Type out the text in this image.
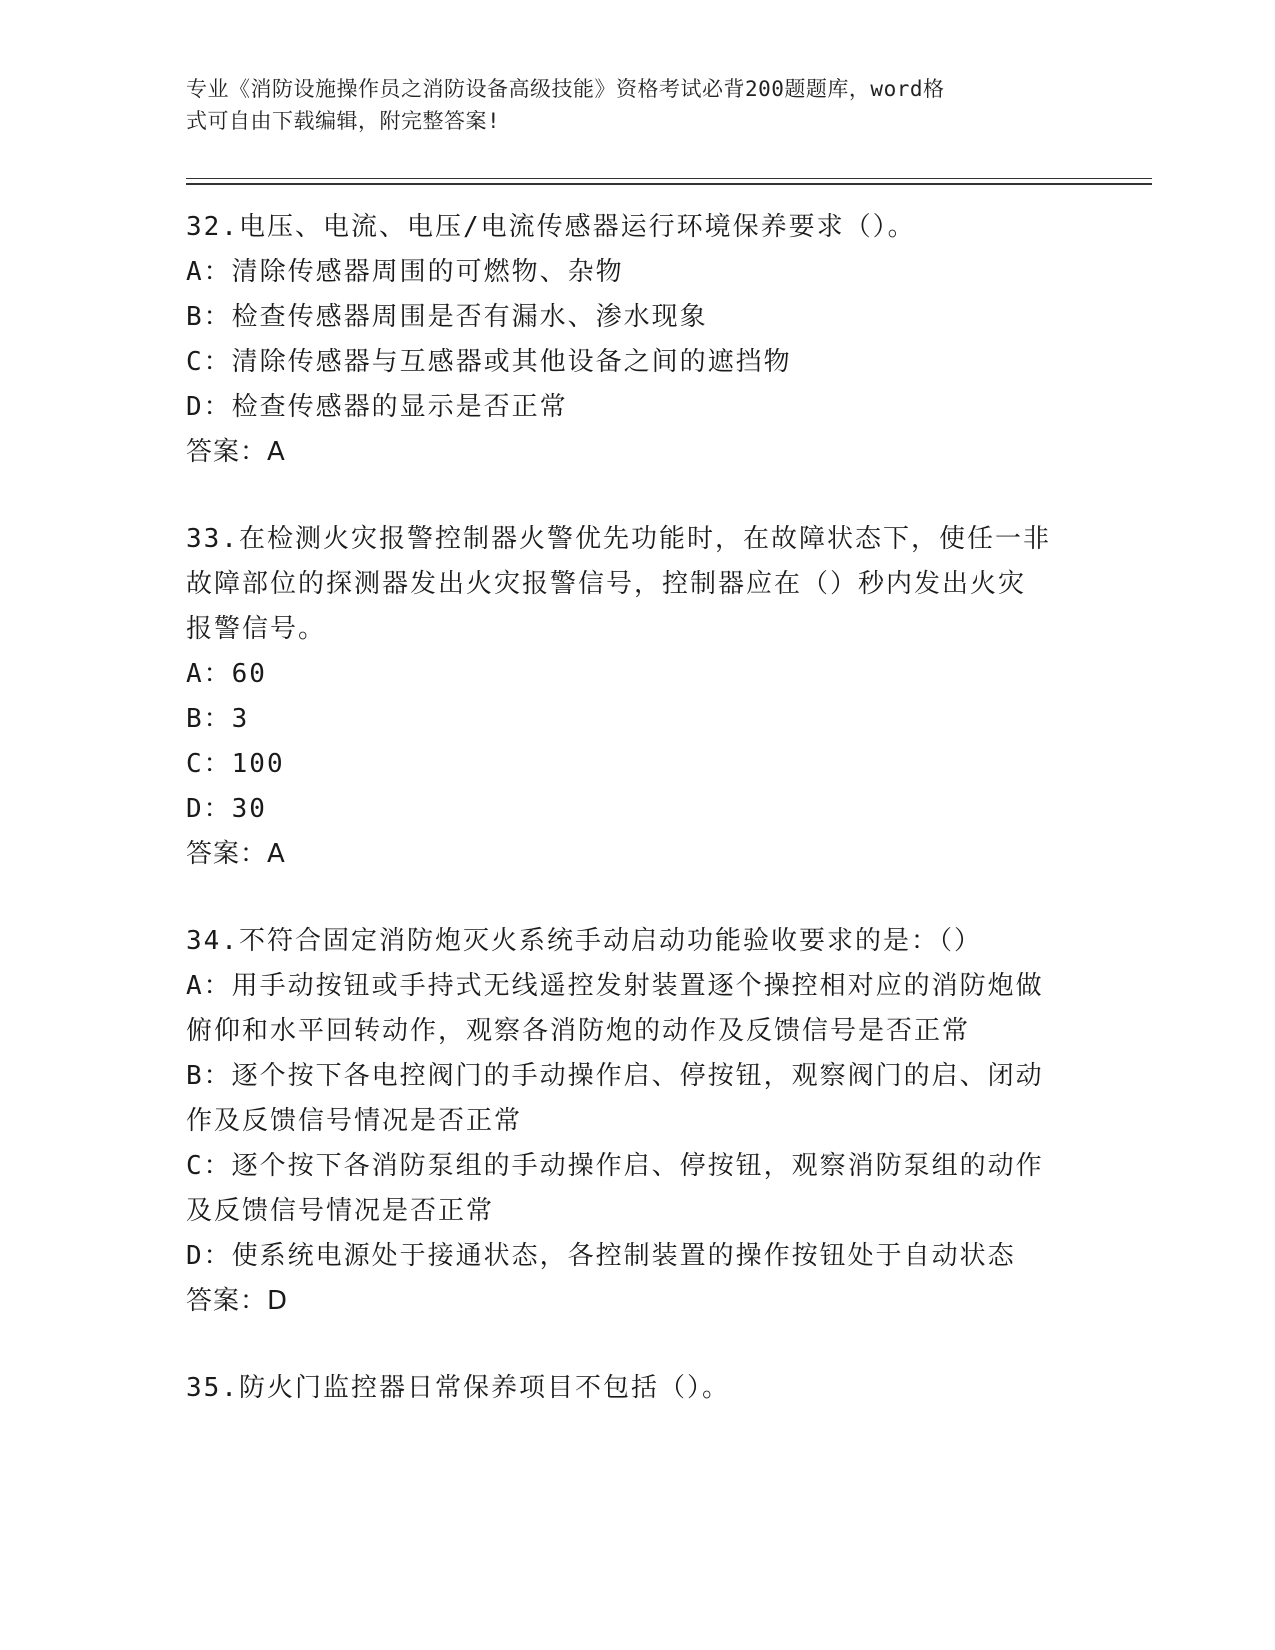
专业《消防设施操作员之消防设备高级技能》资格考试必背200题题库，word格
式可自由下载编辑，附完整答案!
32.电压、电流、电压/电流传感器运行环境保养要求（）。
A：清除传感器周围的可燃物、杂物
B：检查传感器周围是否有漏水、渗水现象
C：清除传感器与互感器或其他设备之间的遮挡物
D：检查传感器的显示是否正常
答案：A
33.在检测火灾报警控制器火警优先功能时，在故障状态下，使任一非
故障部位的探测器发出火灾报警信号，控制器应在（）秒内发出火灾
报警信号。
A：60
B：3
C：100
D：30
答案：A
34.不符合固定消防炮灭火系统手动启动功能验收要求的是：（）
A：用手动按钮或手持式无线遥控发射装置逐个操控相对应的消防炮做
俯仰和水平回转动作，观察各消防炮的动作及反馈信号是否正常
B：逐个按下各电控阀门的手动操作启、停按钮，观察阀门的启、闭动
作及反馈信号情况是否正常
C：逐个按下各消防泵组的手动操作启、停按钮，观察消防泵组的动作
及反馈信号情况是否正常
D：使系统电源处于接通状态，各控制装置的操作按钮处于自动状态
答案：D
35.防火门监控器日常保养项目不包括（）。
